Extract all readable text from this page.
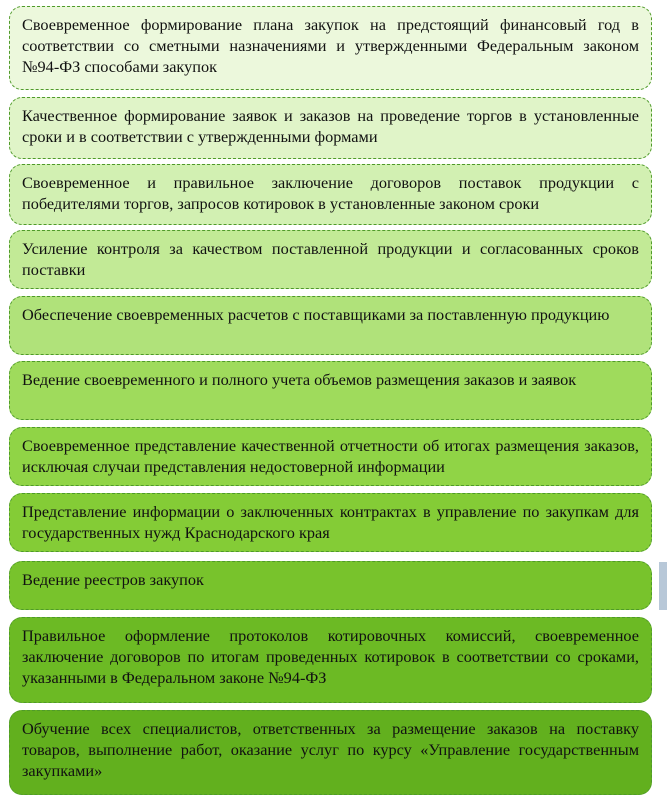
Своевременное формирование плана закупок на предстоящий финансовый год в соответствии со сметными назначениями и утвержденными Федеральным законом №94-ФЗ способами закупок
Качественное формирование заявок и заказов на проведение торгов в установленные сроки и в соответствии с утвержденными формами
Своевременное и правильное заключение договоров поставок продукции с победителями торгов, запросов котировок в установленные законом сроки
Усиление контроля за качеством поставленной продукции и согласованных сроков поставки
Обеспечение своевременных расчетов с поставщиками за поставленную продукцию
Ведение своевременного и полного учета объемов размещения заказов и заявок
Своевременное представление качественной отчетности об итогах размещения заказов, исключая случаи представления недостоверной информации
Представление информации о заключенных контрактах в управление по закупкам для государственных нужд Краснодарского края
Ведение реестров закупок
Правильное оформление протоколов котировочных комиссий, своевременное заключение договоров по итогам проведенных котировок в соответствии со сроками, указанными в Федеральном законе №94-ФЗ
Обучение всех специалистов, ответственных за размещение заказов на поставку товаров, выполнение работ, оказание услуг по курсу «Управление государственным закупками»
